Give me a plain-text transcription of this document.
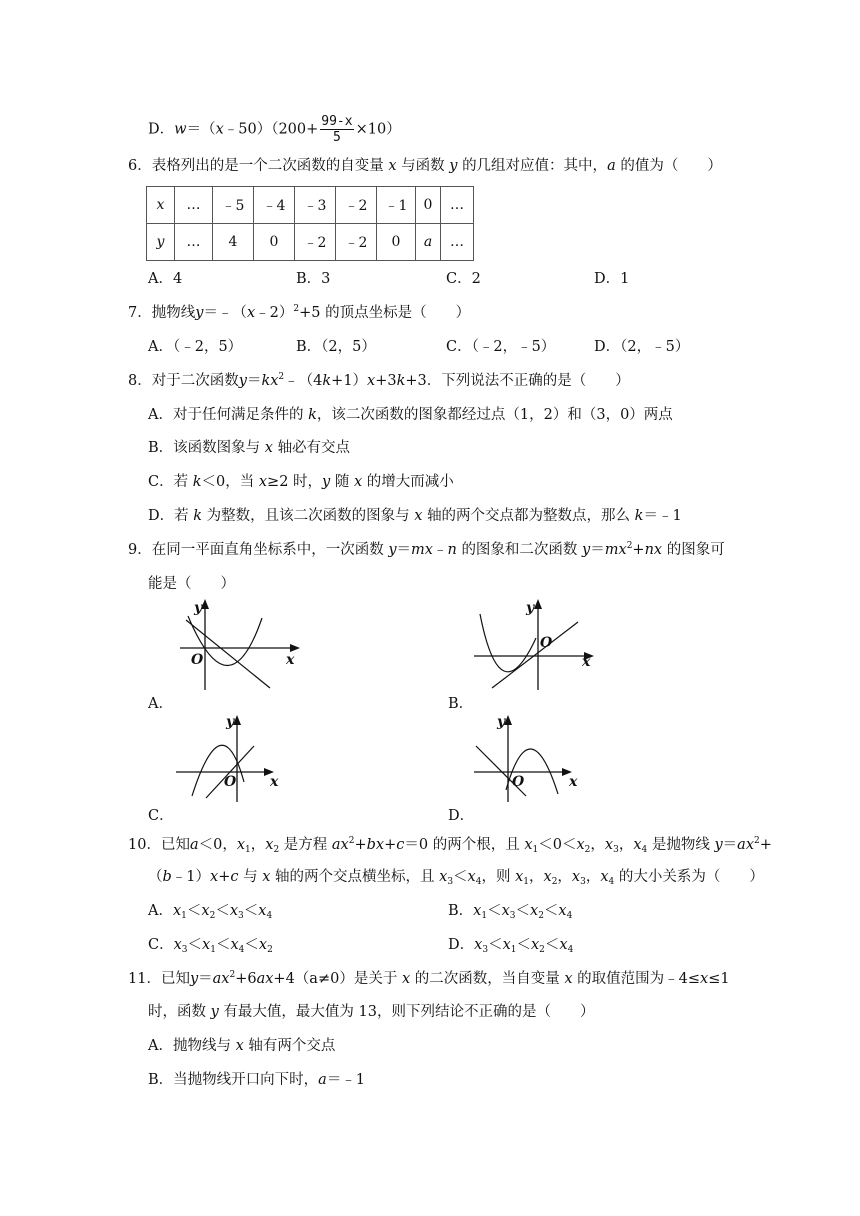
D．w＝（x﹣50）（200+ $\frac{99-x}{5} \times 10$）
6．表格列出的是一个二次函数的自变量 x 与函数 y 的几组对应值：其中，a 的值为（　　）
x	…	﹣5	﹣4	﹣3	﹣2	﹣1	0	…
y	…	4	0	﹣2	﹣2	0	a	…
A．4	B．3	C．2	D．1
7．抛物线y＝﹣（x﹣2）$^2$+5 的顶点坐标是（　　）
A．（﹣2，5）	B．（2，5）	C．（﹣2，﹣5）	D．（2，﹣5）
8．对于二次函数$y=kx^2﹣(4k+1)x+3k+3$．下列说法不正确的是（　　）
A．对于任何满足条件的 k，该二次函数的图象都经过点（1，2）和（3，0）两点
B．该函数图象与 x 轴必有交点
C．若 k＜0，当 x≥2 时，y 随 x 的增大而减小
D．若 k 为整数，且该二次函数的图象与 x 轴的两个交点都为整数点，那么 k＝﹣1
9．在同一平面直角坐标系中，一次函数 y＝mx﹣n 的图象和二次函数 $y=mx^2+nx$ 的图象可
能是（　　）
y
x
O
A．
y
x
O
B．
y
x
O
C．
y
x
O
D．
10．已知a＜0，$x_1$，$x_2$ 是方程 $ax^2+bx+c=0$ 的两个根，且 $x_1<0<x_2$，$x_3$，$x_4$ 是抛物线 $y=ax^2+$
（b﹣1）x+c 与 x 轴的两个交点横坐标，且 $x_3<x_4$，则 $x_1$，$x_2$，$x_3$，$x_4$ 的大小关系为（　　）
A．$x_1<x_2<x_3<x_4$	B．$x_1<x_3<x_2<x_4$
C．$x_3<x_1<x_4<x_2$	D．$x_3<x_1<x_2<x_4$
11．已知$y=ax^2+6ax+4(a\ne 0)$是关于 x 的二次函数，当自变量 x 的取值范围为﹣4≤x≤1
时，函数 y 有最大值，最大值为 13，则下列结论不正确的是（　　）
A．抛物线与 x 轴有两个交点
B．当抛物线开口向下时，a＝﹣1
